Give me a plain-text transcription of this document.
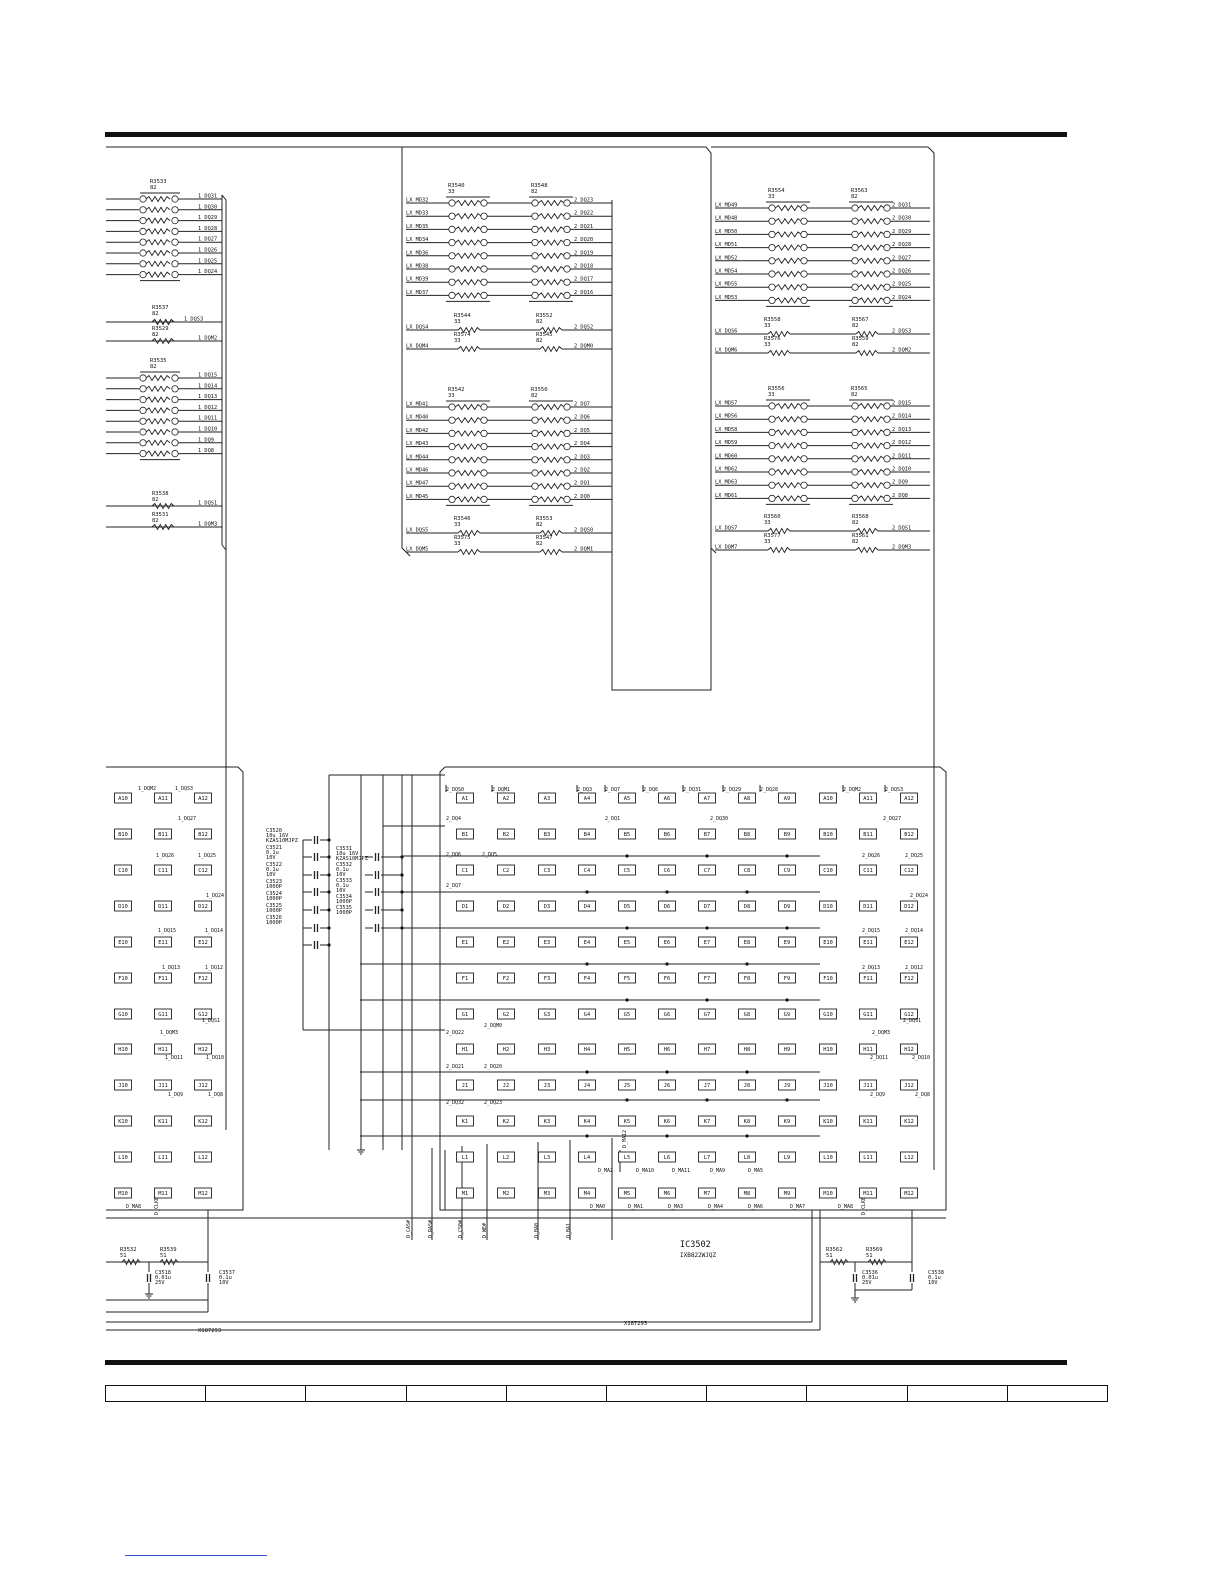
R3533
82
1_DQ31
1_DQ30
1_DQ29
1_DQ28
1_DQ27
1_DQ26
1_DQ25
1_DQ24
1_DQS3
R3537
82
R3529
82
1_DQM2
R3535
82
1_DQ15
1_DQ14
1_DQ13
1_DQ12
1_DQ11
1_DQ10
1_DQ9
1_DQ8
R3538
82
1_DQS1
R3531
82
1_DQM3
R3540
33
R3548
82
LX_MD32	2_DQ23
LX_MD33	2_DQ22
LX_MD35	2_DQ21
LX_MD34	2_DQ20
LX_MD36	2_DQ19
LX_MD38	2_DQ18
LX_MD39	2_DQ17
LX_MD37	2_DQ16
R3544
33
R3552
82
LX_DQS4	2_DQS2
R3574
33
R3545
82
LX_DQM4	2_DQM0
R3542
33
R3550
82
LX_MD41	2_DQ7
LX_MD40	2_DQ6
LX_MD42	2_DQ5
LX_MD43	2_DQ4
LX_MD44	2_DQ3
LX_MD46	2_DQ2
LX_MD47	2_DQ1
LX_MD45	2_DQ0
R3546
33
R3553
82
LX_DQS5	2_DQS0
R3575
33
R3547
82
LX_DQM5	2_DQM1
R3554
33
R3563
82
LX_MD49	2_DQ31
LX_MD48	2_DQ30
LX_MD50	2_DQ29
LX_MD51	2_DQ28
LX_MD52	2_DQ27
LX_MD54	2_DQ26
LX_MD55	2_DQ25
LX_MD53	2_DQ24
R3558
33
R3567
82
LX_DQS6	2_DQS3
R3576
33
R3559
82
LX_DQM6	2_DQM2
R3556
33
R3565
82
LX_MD57	2_DQ15
LX_MD56	2_DQ14
LX_MD58	2_DQ13
LX_MD59	2_DQ12
LX_MD60	2_DQ11
LX_MD62	2_DQ10
LX_MD63	2_DQ9
LX_MD61	2_DQ8
R3560
33
R3568
82
LX_DQS7	2_DQS1
R3577
33
R3561
82
LX_DQM7	2_DQM3
A10	A11	A12	A1	A2	A3	A4	A5	A6	A7	A8	A9	A10	A11	A12
B10	B11	B12	B1	B2	B3	B4	B5	B6	B7	B8	B9	B10	B11	B12
C10	C11	C12	C1	C2	C3	C4	C5	C6	C7	C8	C9	C10	C11	C12
D10	D11	D12	D1	D2	D3	D4	D5	D6	D7	D8	D9	D10	D11	D12
E10	E11	E12	E1	E2	E3	E4	E5	E6	E7	E8	E9	E10	E11	E12
F10	F11	F12	F1	F2	F3	F4	F5	F6	F7	F8	F9	F10	F11	F12
G10	G11	G12	G1	G2	G3	G4	G5	G6	G7	G8	G9	G10	G11	G12
H10	H11	H12	H1	H2	H3	H4	H5	H6	H7	H8	H9	H10	H11	H12
J10	J11	J12	J1	J2	J3	J4	J5	J6	J7	J8	J9	J10	J11	J12
K10	K11	K12	K1	K2	K3	K4	K5	K6	K7	K8	K9	K10	K11	K12
L10	L11	L12	L1	L2	L3	L4	L5	L6	L7	L8	L9	L10	L11	L12
M10	M11	M12	M1	M2	M3	M4	M5	M6	M7	M8	M9	M10	M11	M12
C3520
10u 16V
KZAS10MJPZ
C3521
0.1u
10V
C3522
0.1u
10V
C3523
1000P
C3524
1000P
C3525
1000P
C3526
1000P
C3531
10u 16V
KZAS10MJPZ
C3532
0.1u
10V
C3533
0.1u
10V
C3534
1000P
C3535
1000P
2_DQS0	2_DQM1	2_DQ3	2_DQ7	2_DQ6	2_DQ31	2_DQ29	2_DQ28	2_DQM2	2_DQS3
2_DQ4	2_DQ1	2_DQ30	2_DQ27
2_DQ6	2_DQ5
2_DQ7
1_DQM2	1_DQS3
1_DQ27
1_DQ26	1_DQ25
1_DQ24
1_DQ15	1_DQ14
1_DQ13	1_DQ12
1_DQS1
1_DQM3
1_DQ11	1_DQ10
1_DQ9	1_DQ8
2_DQ26	2_DQ25
2_DQ24
2_DQ15	2_DQ14
2_DQ13	2_DQ12
2_DQS1
2_DQM3
2_DQ11	2_DQ10
2_DQ9	2_DQ8
2_DQ22
2_DQM0
2_DQ21	2_DQ20
2_DQ32	2_DQ23
D_MA2	D_MA10	D_MA11	D_MA9	D_MA5
D_MA0	D_MA1	D_MA3	D_MA4	D_MA6	D_MA7	D_MA8
D_MA8
D_CAS#	D_RAS#	D_CS0#	D_WE#	D_BA0	D_BA1
D_CLKE	D_CLKE
D_MA12
IC3502
IXB822WJQZ
R3532
51
R3539
51
C3518
0.01u
25V
C3537
0.1u
10V
X187293
R3562
51
R3569
51
C3536
0.01u
25V
C3538
0.1u
10V
X187293
